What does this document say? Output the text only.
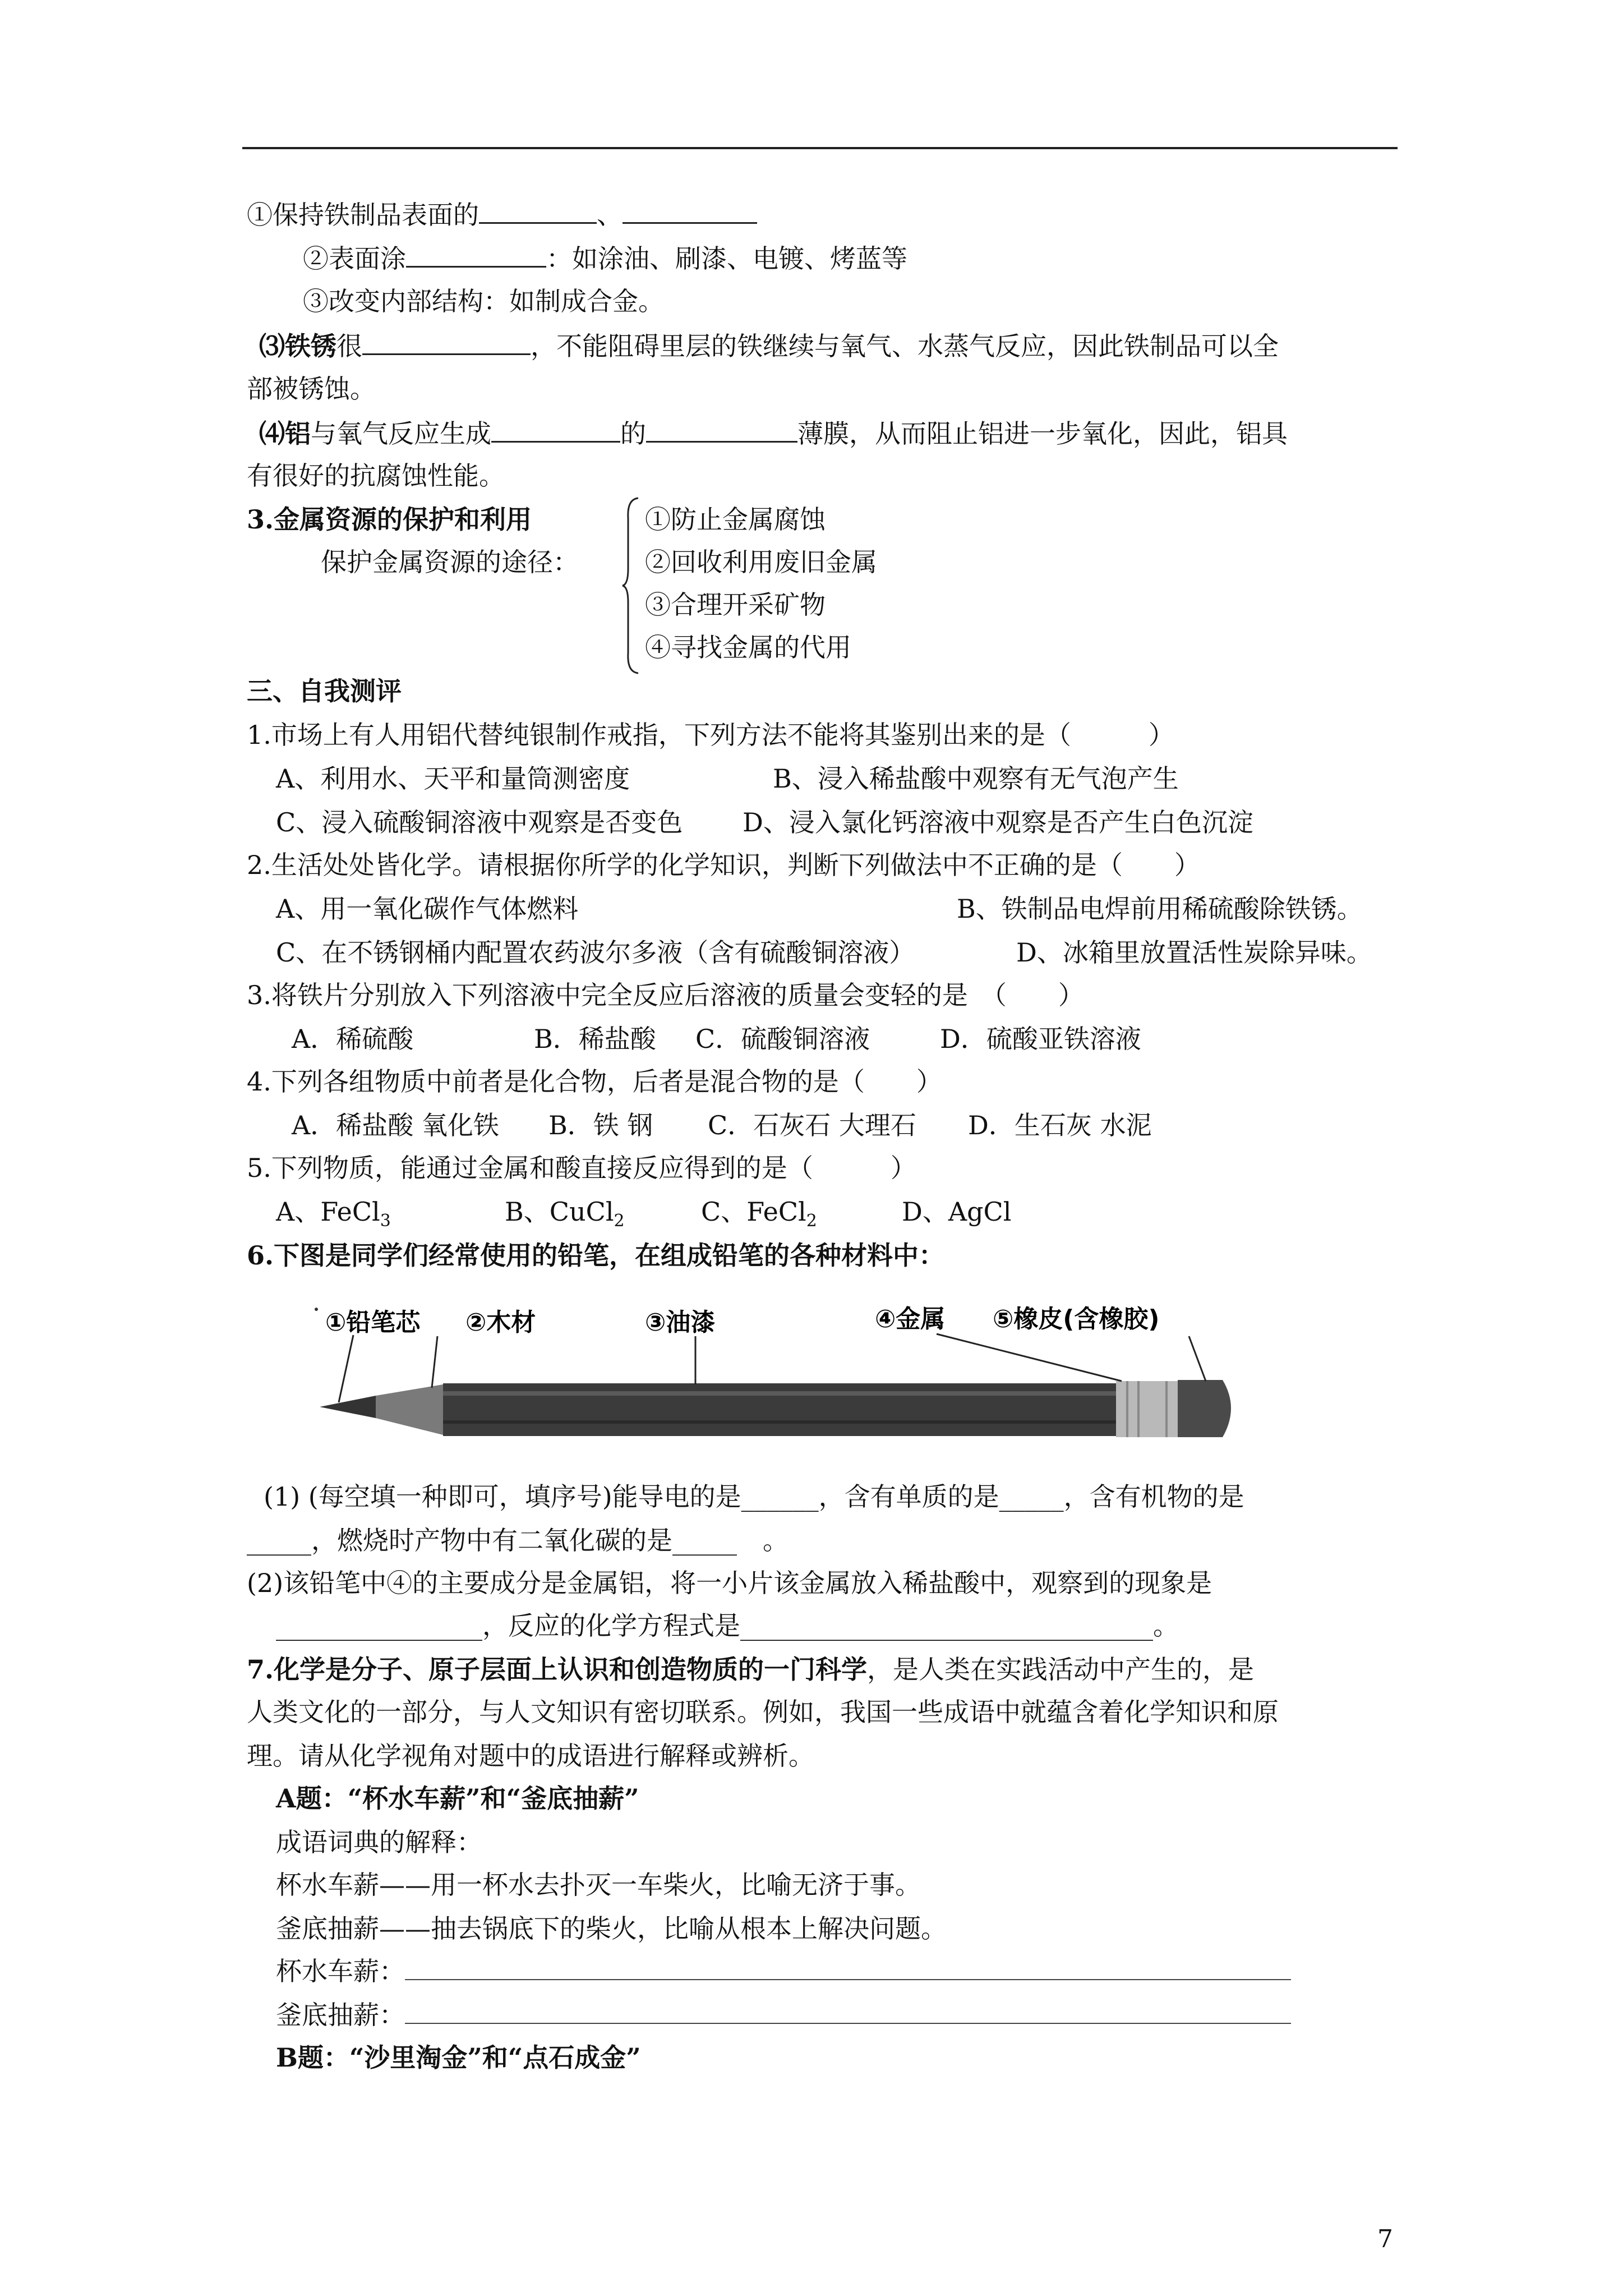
①保持铁制品表面的	、
②表面涂	：如涂油、刷漆、电镀、烤蓝等
③改变内部结构：如制成合金。
⑶铁锈很	，不能阻碍里层的铁继续与氧气、水蒸气反应，因此铁制品可以全
部被锈蚀。
⑷铝与氧气反应生成	的	薄膜，从而阻止铝进一步氧化，因此，铝具
有很好的抗腐蚀性能。
3.金属资源的保护和利用
保护金属资源的途径：
①防止金属腐蚀
②回收利用废旧金属
③合理开采矿物
④寻找金属的代用
三、自我测评
1.市场上有人用铝代替纯银制作戒指，下列方法不能将其鉴别出来的是（　　　）
A、利用水、天平和量筒测密度	B、浸入稀盐酸中观察有无气泡产生
C、浸入硫酸铜溶液中观察是否变色 D、浸入氯化钙溶液中观察是否产生白色沉淀
2.生活处处皆化学。请根据你所学的化学知识，判断下列做法中不正确的是（　　）
A、用一氧化碳作气体燃料	B、铁制品电焊前用稀硫酸除铁锈。
C、在不锈钢桶内配置农药波尔多液（含有硫酸铜溶液）	D、冰箱里放置活性炭除异味。
3.将铁片分别放入下列溶液中完全反应后溶液的质量会变轻的是　（　　）
A．稀硫酸	B．稀盐酸 C．硫酸铜溶液	D．硫酸亚铁溶液
4.下列各组物质中前者是化合物，后者是混合物的是（　　）
A．稀盐酸 氧化铁 B．铁 钢 C．石灰石 大理石 D．生石灰 水泥
5.下列物质，能通过金属和酸直接反应得到的是（　　　）
A、FeCl$_3$	B、CuCl$_2$	C、FeCl$_2$	D、AgCl
6.下图是同学们经常使用的铅笔，在组成铅笔的各种材料中：
①铅笔芯 ②木材	③油漆	④金属 ⑤橡皮(含橡胶)
(1) (每空填一种即可，填序号)能导电的是______，含有单质的是_____，含有机物的是
_____，燃烧时产物中有二氧化碳的是_____　。
(2)该铅笔中④的主要成分是金属铝，将一小片该金属放入稀盐酸中，观察到的现象是
________________，反应的化学方程式是________________________________。
7.化学是分子、原子层面上认识和创造物质的一门科学，是人类在实践活动中产生的，是
人类文化的一部分，与人文知识有密切联系。例如，我国一些成语中就蕴含着化学知识和原
理。请从化学视角对题中的成语进行解释或辨析。
A题：“杯水车薪”和“釜底抽薪”
成语词典的解释：
杯水车薪——用一杯水去扑灭一车柴火，比喻无济于事。
釜底抽薪——抽去锅底下的柴火，比喻从根本上解决问题。
杯水车薪：
釜底抽薪：
B题：“沙里淘金”和“点石成金”
7
